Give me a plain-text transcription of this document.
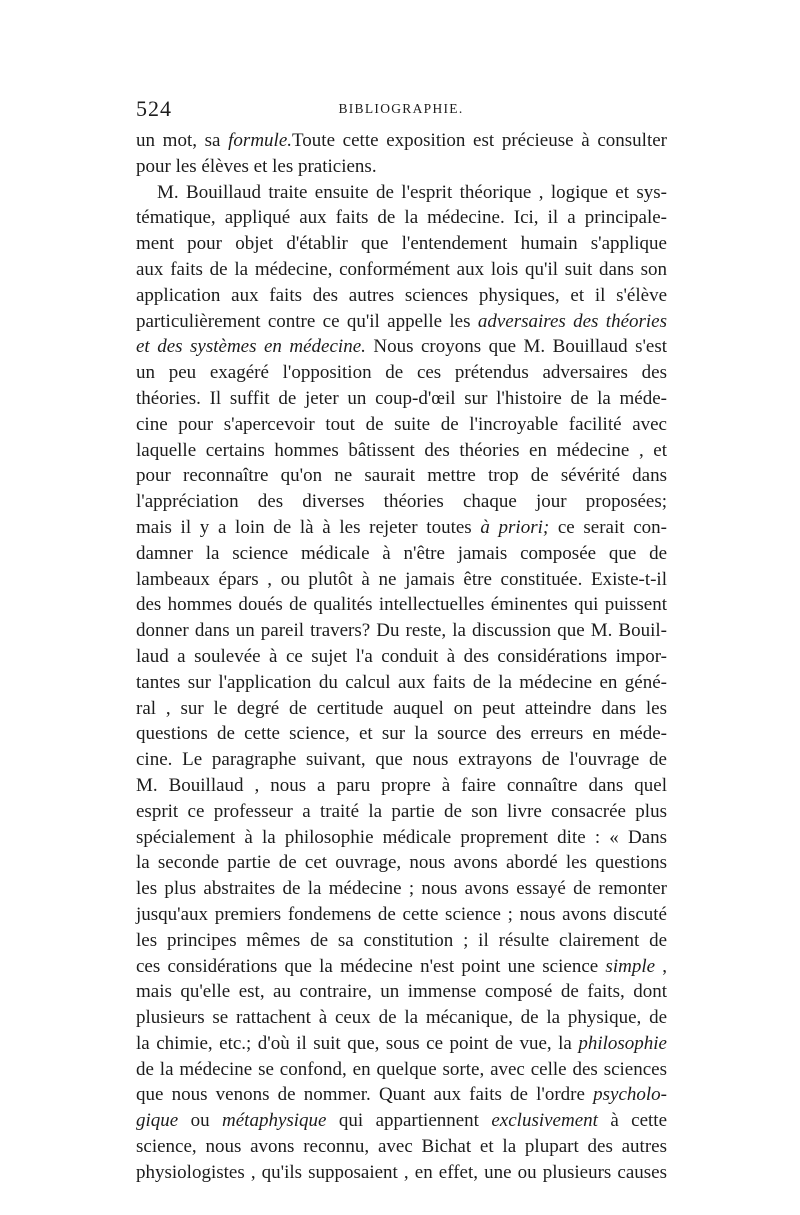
524	BIBLIOGRAPHIE.
un mot, sa formule.Toute cette exposition est précieuse à consulter
pour les élèves et les praticiens.
M. Bouillaud traite ensuite de l'esprit théorique , logique et sys-
tématique, appliqué aux faits de la médecine. Ici, il a principale-
ment pour objet d'établir que l'entendement humain s'applique
aux faits de la médecine, conformément aux lois qu'il suit dans son
application aux faits des autres sciences physiques, et il s'élève
particulièrement contre ce qu'il appelle les adversaires des théories
et des systèmes en médecine. Nous croyons que M. Bouillaud s'est
un peu exagéré l'opposition de ces prétendus adversaires des
théories. Il suffit de jeter un coup-d'œil sur l'histoire de la méde-
cine pour s'apercevoir tout de suite de l'incroyable facilité avec
laquelle certains hommes bâtissent des théories en médecine , et
pour reconnaître qu'on ne saurait mettre trop de sévérité dans
l'appréciation des diverses théories chaque jour proposées;
mais il y a loin de là à les rejeter toutes à priori; ce serait con-
damner la science médicale à n'être jamais composée que de
lambeaux épars , ou plutôt à ne jamais être constituée. Existe-t-il
des hommes doués de qualités intellectuelles éminentes qui puissent
donner dans un pareil travers? Du reste, la discussion que M. Bouil-
laud a soulevée à ce sujet l'a conduit à des considérations impor-
tantes sur l'application du calcul aux faits de la médecine en géné-
ral , sur le degré de certitude auquel on peut atteindre dans les
questions de cette science, et sur la source des erreurs en méde-
cine. Le paragraphe suivant, que nous extrayons de l'ouvrage de
M. Bouillaud , nous a paru propre à faire connaître dans quel
esprit ce professeur a traité la partie de son livre consacrée plus
spécialement à la philosophie médicale proprement dite : « Dans
la seconde partie de cet ouvrage, nous avons abordé les questions
les plus abstraites de la médecine ; nous avons essayé de remonter
jusqu'aux premiers fondemens de cette science ; nous avons discuté
les principes mêmes de sa constitution ; il résulte clairement de
ces considérations que la médecine n'est point une science simple ,
mais qu'elle est, au contraire, un immense composé de faits, dont
plusieurs se rattachent à ceux de la mécanique, de la physique, de
la chimie, etc.; d'où il suit que, sous ce point de vue, la philosophie
de la médecine se confond, en quelque sorte, avec celle des sciences
que nous venons de nommer. Quant aux faits de l'ordre psycholo-
gique ou métaphysique qui appartiennent exclusivement à cette
science, nous avons reconnu, avec Bichat et la plupart des autres
physiologistes , qu'ils supposaient , en effet, une ou plusieurs causes
